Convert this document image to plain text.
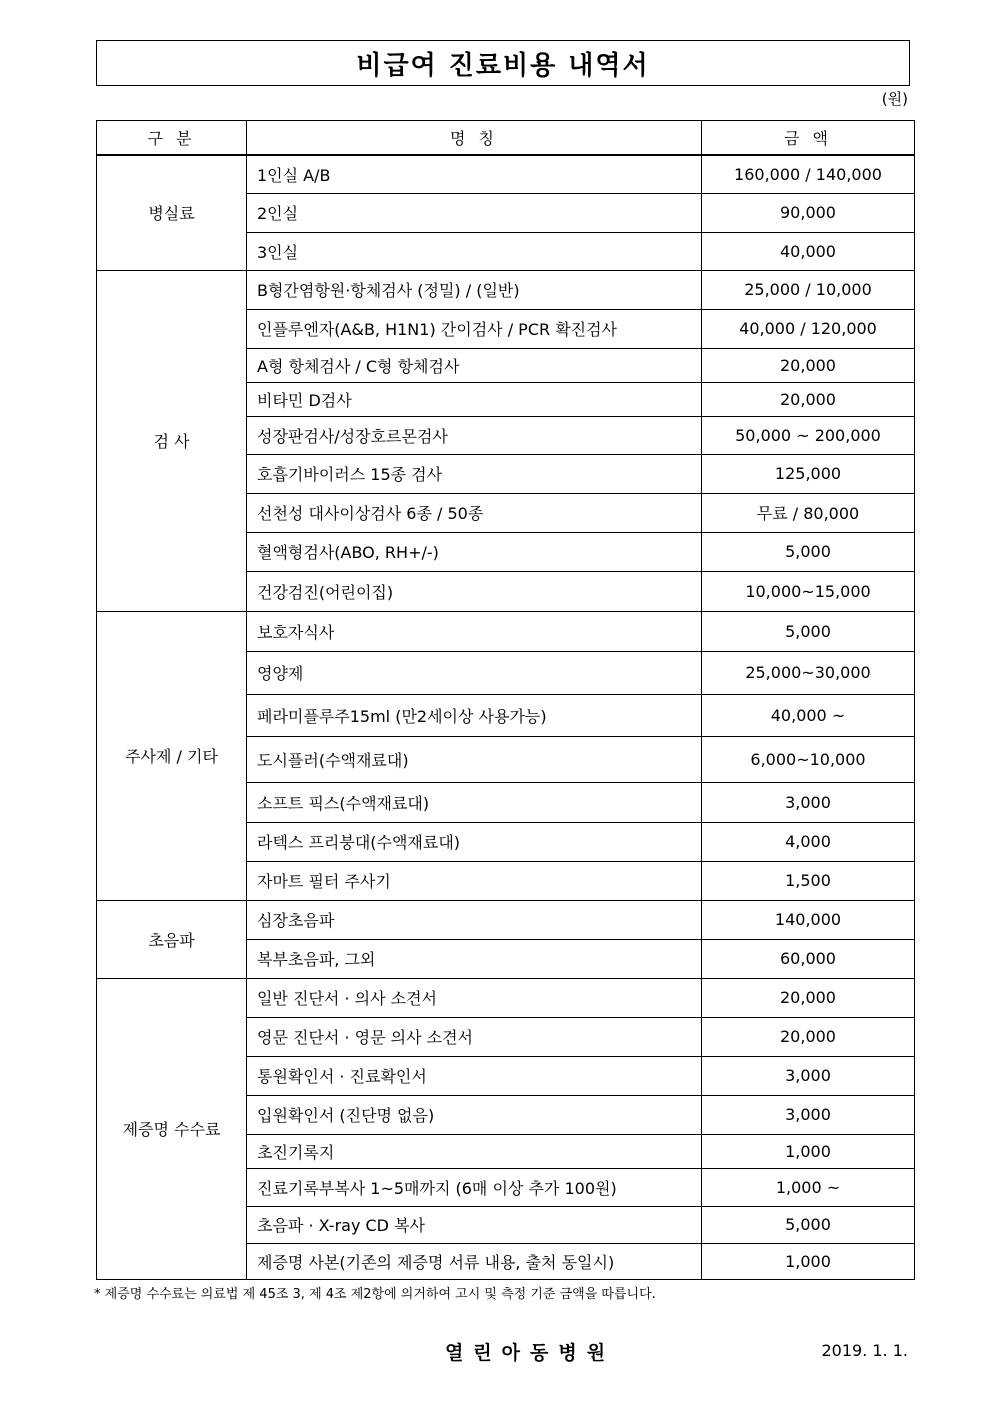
비급여 진료비용 내역서
(원)
구 분	명 칭	금 액
병실료	1인실 A/B	160,000 / 140,000
	2인실	90,000
	3인실	40,000
검 사	B형간염항원·항체검사 (정밀) / (일반)	25,000 / 10,000
	인플루엔자(A&B, H1N1) 간이검사 / PCR 확진검사	40,000 / 120,000
	A형 항체검사 / C형 항체검사	20,000
	비타민 D검사	20,000
	성장판검사/성장호르몬검사	50,000 ~ 200,000
	호흡기바이러스 15종 검사	125,000
	선천성 대사이상검사 6종 / 50종	무료 / 80,000
	혈액형검사(ABO, RH+/-)	5,000
	건강검진(어린이집)	10,000~15,000
주사제 / 기타	보호자식사	5,000
	영양제	25,000~30,000
	페라미플루주15ml (만2세이상 사용가능)	40,000 ~
	도시플러(수액재료대)	6,000~10,000
	소프트 픽스(수액재료대)	3,000
	라텍스 프리붕대(수액재료대)	4,000
	자마트 필터 주사기	1,500
초음파	심장초음파	140,000
	복부초음파, 그외	60,000
제증명 수수료	일반 진단서 · 의사 소견서	20,000
	영문 진단서 · 영문 의사 소견서	20,000
	통원확인서 · 진료확인서	3,000
	입원확인서 (진단명 없음)	3,000
	초진기록지	1,000
	진료기록부복사 1~5매까지 (6매 이상 추가 100원)	1,000 ~
	초음파 · X-ray CD 복사	5,000
	제증명 사본(기존의 제증명 서류 내용, 출처 동일시)	1,000
* 제증명 수수료는 의료법 제 45조 3, 제 4조 제2항에 의거하여 고시 및 측정 기준 금액을 따릅니다.
열린아동병원	2019. 1. 1.
